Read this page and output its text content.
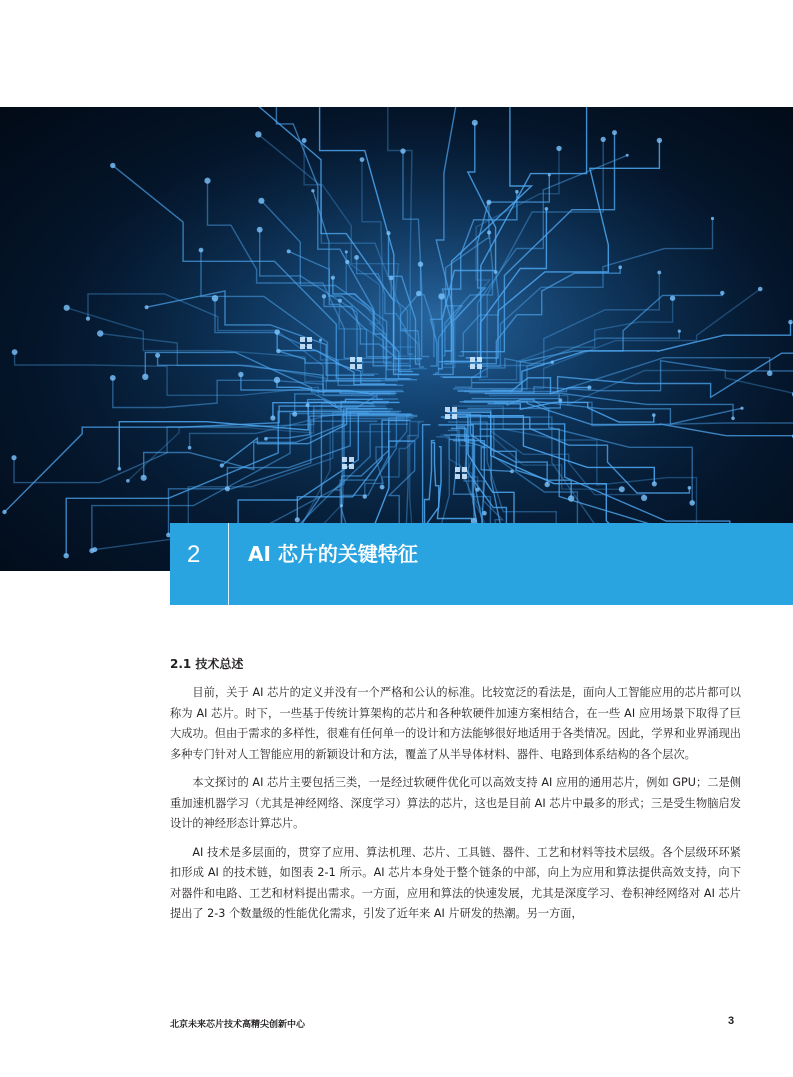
2	AI 芯片的关键特征
2.1 技术总述

目前，关于 AI 芯片的定义并没有一个严格和公认的标准。比较宽泛的看法是，面向人工智能应用的芯片都可以称为 AI 芯片。时下，一些基于传统计算架构的芯片和各种软硬件加速方案相结合，在一些 AI 应用场景下取得了巨大成功。但由于需求的多样性，很难有任何单一的设计和方法能够很好地适用于各类情况。因此，学界和业界涌现出多种专门针对人工智能应用的新颖设计和方法，覆盖了从半导体材料、器件、电路到体系结构的各个层次。

本文探讨的 AI 芯片主要包括三类，一是经过软硬件优化可以高效支持 AI 应用的通用芯片，例如 GPU；二是侧重加速机器学习（尤其是神经网络、深度学习）算法的芯片，这也是目前 AI 芯片中最多的形式；三是受生物脑启发设计的神经形态计算芯片。

AI 技术是多层面的，贯穿了应用、算法机理、芯片、工具链、器件、工艺和材料等技术层级。各个层级环环紧扣形成 AI 的技术链，如图表 2-1 所示。AI 芯片本身处于整个链条的中部，向上为应用和算法提供高效支持，向下对器件和电路、工艺和材料提出需求。一方面，应用和算法的快速发展，尤其是深度学习、卷积神经网络对 AI 芯片提出了 2-3 个数量级的性能优化需求，引发了近年来 AI 片研发的热潮。另一方面，

北京未来芯片技术高精尖创新中心	3
